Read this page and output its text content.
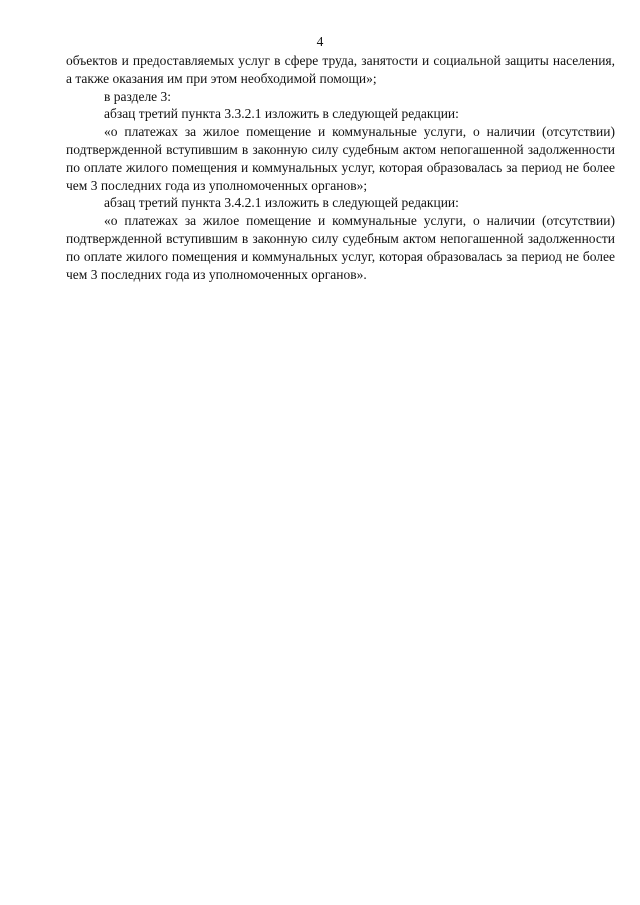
4

объектов и предоставляемых услуг в сфере труда, занятости и социальной защиты населения, а также оказания им при этом необходимой помощи»;

в разделе 3:

абзац третий пункта 3.3.2.1 изложить в следующей редакции:

«о платежах за жилое помещение и коммунальные услуги, о наличии (отсутствии) подтвержденной вступившим в законную силу судебным актом непогашенной задолженности по оплате жилого помещения и коммунальных услуг, которая образовалась за период не более чем 3 последних года из уполномоченных органов»;

абзац третий пункта 3.4.2.1 изложить в следующей редакции:

«о платежах за жилое помещение и коммунальные услуги, о наличии (отсутствии) подтвержденной вступившим в законную силу судебным актом непогашенной задолженности по оплате жилого помещения и коммунальных услуг, которая образовалась за период не более чем 3 последних года из уполномоченных органов».
